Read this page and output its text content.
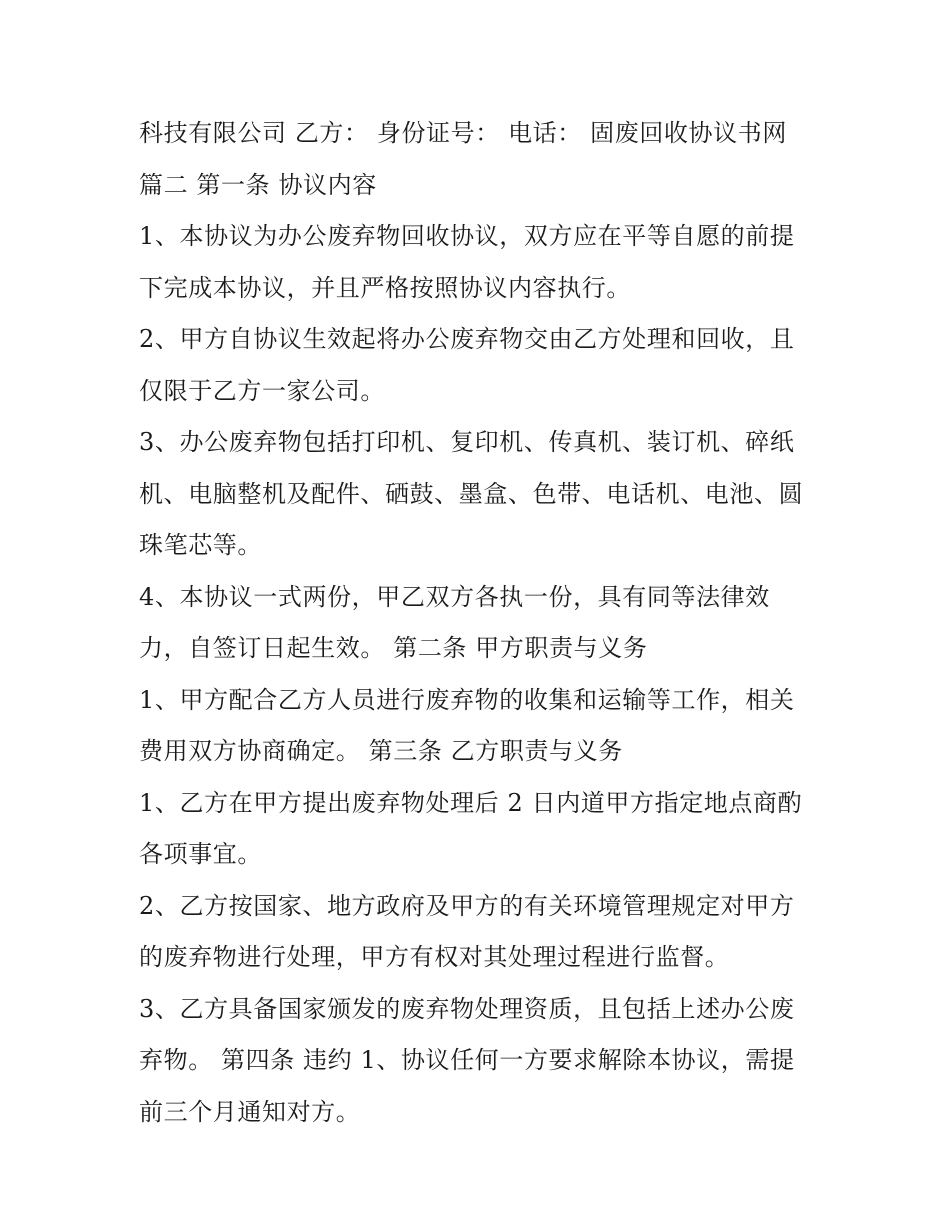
科技有限公司 乙方： 身份证号： 电话： 固废回收协议书网
篇二 第一条 协议内容
1、本协议为办公废弃物回收协议，双方应在平等自愿的前提
下完成本协议，并且严格按照协议内容执行。
2、甲方自协议生效起将办公废弃物交由乙方处理和回收，且
仅限于乙方一家公司。
3、办公废弃物包括打印机、复印机、传真机、装订机、碎纸
机、电脑整机及配件、硒鼓、墨盒、色带、电话机、电池、圆
珠笔芯等。
4、本协议一式两份，甲乙双方各执一份，具有同等法律效
力，自签订日起生效。 第二条 甲方职责与义务
1、甲方配合乙方人员进行废弃物的收集和运输等工作，相关
费用双方协商确定。 第三条 乙方职责与义务
1、乙方在甲方提出废弃物处理后 2 日内道甲方指定地点商酌
各项事宜。
2、乙方按国家、地方政府及甲方的有关环境管理规定对甲方
的废弃物进行处理，甲方有权对其处理过程进行监督。
3、乙方具备国家颁发的废弃物处理资质，且包括上述办公废
弃物。 第四条 违约 1、协议任何一方要求解除本协议，需提
前三个月通知对方。
